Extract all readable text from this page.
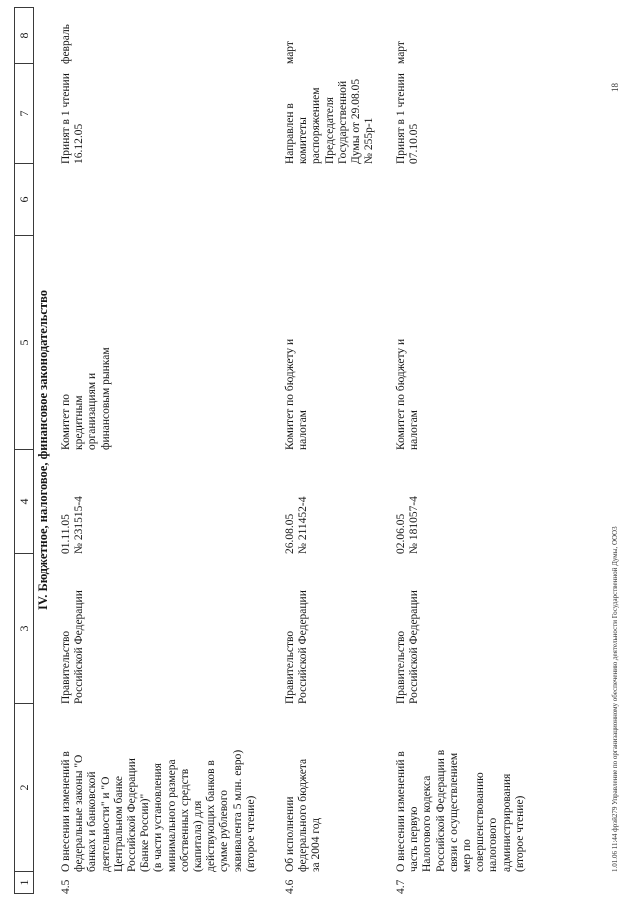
1
2
3
4
5
6
7
8
IV. Бюджетное, налоговое, финансовое законодательство
4.5
О внесении изменений в
федеральные законы "О
банках и банковской
деятельности" и "О
Центральном банке
Российской Федерации
(Банке России)"
(в части установления
минимального размера
собственных средств
(капитала) для
действующих банков в
сумме рублевого
эквивалента 5 млн. евро)
(второе чтение)
Правительство
Российской Федерации
01.11.05
№ 231515-4
Комитет по
кредитным
организациям и
финансовым рынкам
Принят в 1 чтении
16.12.05
февраль
4.6
Об исполнении
федерального бюджета
за 2004 год
Правительство
Российской Федерации
26.08.05
№ 211452-4
Комитет по бюджету и
налогам
Направлен в
комитеты
распоряжением
Председателя
Государственной
Думы от 29.08.05
№ 255р-1
март
4.7
О внесении изменений в
часть первую
Налогового кодекса
Российской Федерации в
связи с осуществлением
мер по
совершенствованию
налогового
администрирования
(второе чтение)
Правительство
Российской Федерации
02.06.05
№ 181057-4
Комитет по бюджету и
налогам
Принят в 1 чтении
07.10.05
март
1.01.06 11:44 фрзй279 Управление по организационному обеспечению деятельности Государственной Думы, ООО3
18
